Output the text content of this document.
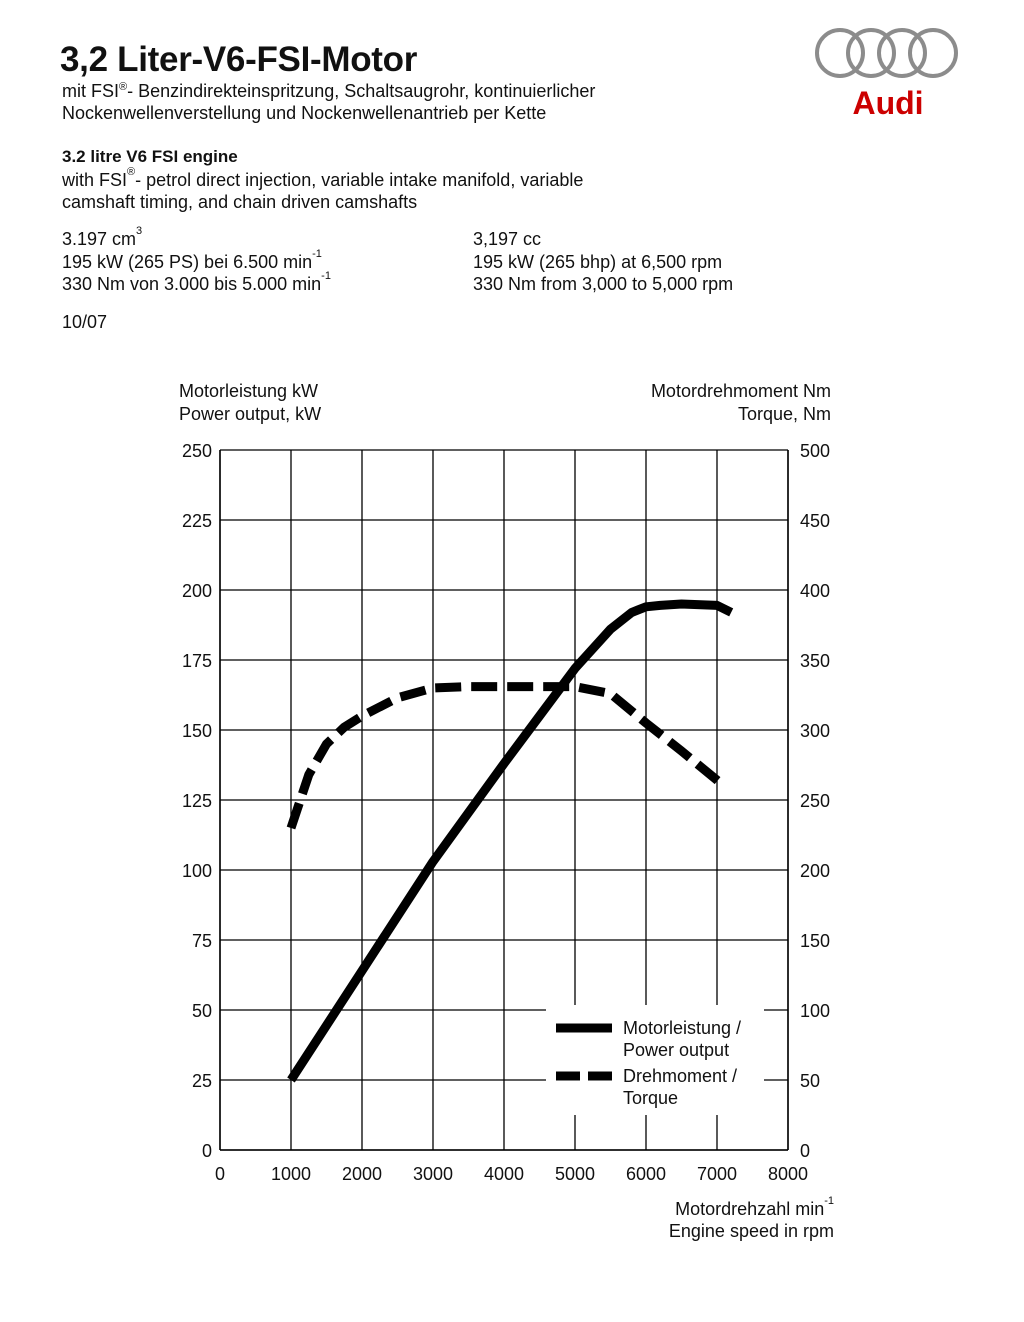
3,2 Liter-V6-FSI-Motor
mit FSI®- Benzindirekteinspritzung, Schaltsaugrohr, kontinuierlicher
Nockenwellenverstellung und Nockenwellenantrieb per Kette
3.2 litre V6 FSI engine
with FSI®- petrol direct injection, variable intake manifold, variable
camshaft timing, and chain driven camshafts
3.197 $cm^3$
195 kW (265 PS) bei 6.500 $\min^{-1}$
330 Nm von 3.000 bis 5.000 $\min^{-1}$
3,197 cc
195 kW (265 bhp) at 6,500 rpm
330 Nm from 3,000 to 5,000 rpm
10/07
Audi
Motorleistung kW
Power output, kW
Motordrehmoment Nm
Torque, Nm
Motordrehzahl $\min^{-1}$
Engine speed in rpm
0	1000 2000 3000 4000 5000 6000 7000 8000
0
25
50
75
100
125
150
175
200
225
250
0
50
100
150
200
250
300
350
400
450
500
Motorleistung /
Power output
Drehmoment /
Torque
